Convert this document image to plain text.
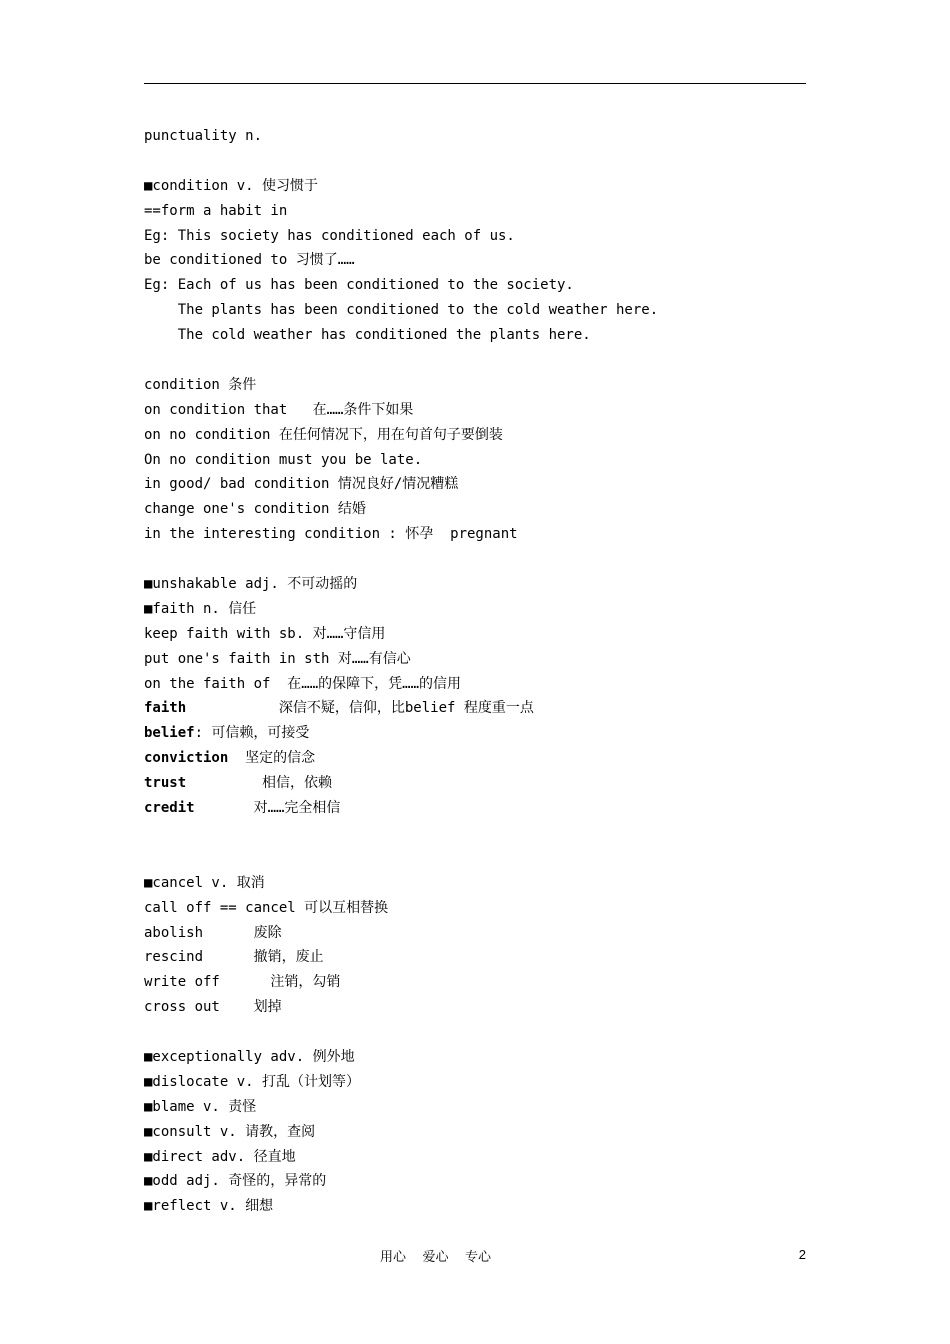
punctuality n.
■condition v. 使习惯于
==form a habit in
Eg: This society has conditioned each of us.
be conditioned to 习惯了……
Eg: Each of us has been conditioned to the society.
The plants has been conditioned to the cold weather here.
The cold weather has conditioned the plants here.
condition 条件
on condition that   在……条件下如果
on no condition 在任何情况下，用在句首句子要倒装
On no condition must you be late.
in good/ bad condition 情况良好/情况糟糕
change one's condition 结婚
in the interesting condition : 怀孕  pregnant
■unshakable adj. 不可动摇的
■faith n. 信任
keep faith with sb. 对……守信用
put one's faith in sth 对……有信心
on the faith of  在……的保障下，凭……的信用
faith           深信不疑，信仰，比belief 程度重一点
belief: 可信赖，可接受
conviction  坚定的信念
trust         相信，依赖
credit       对……完全相信
■cancel v. 取消
call off == cancel 可以互相替换
abolish      废除
rescind      撤销，废止
write off      注销，勾销
cross out    划掉
■exceptionally adv. 例外地
■dislocate v. 打乱（计划等）
■blame v. 责怪
■consult v. 请教，查阅
■direct adv. 径直地
■odd adj. 奇怪的，异常的
■reflect v. 细想
用心    爱心    专心	2
